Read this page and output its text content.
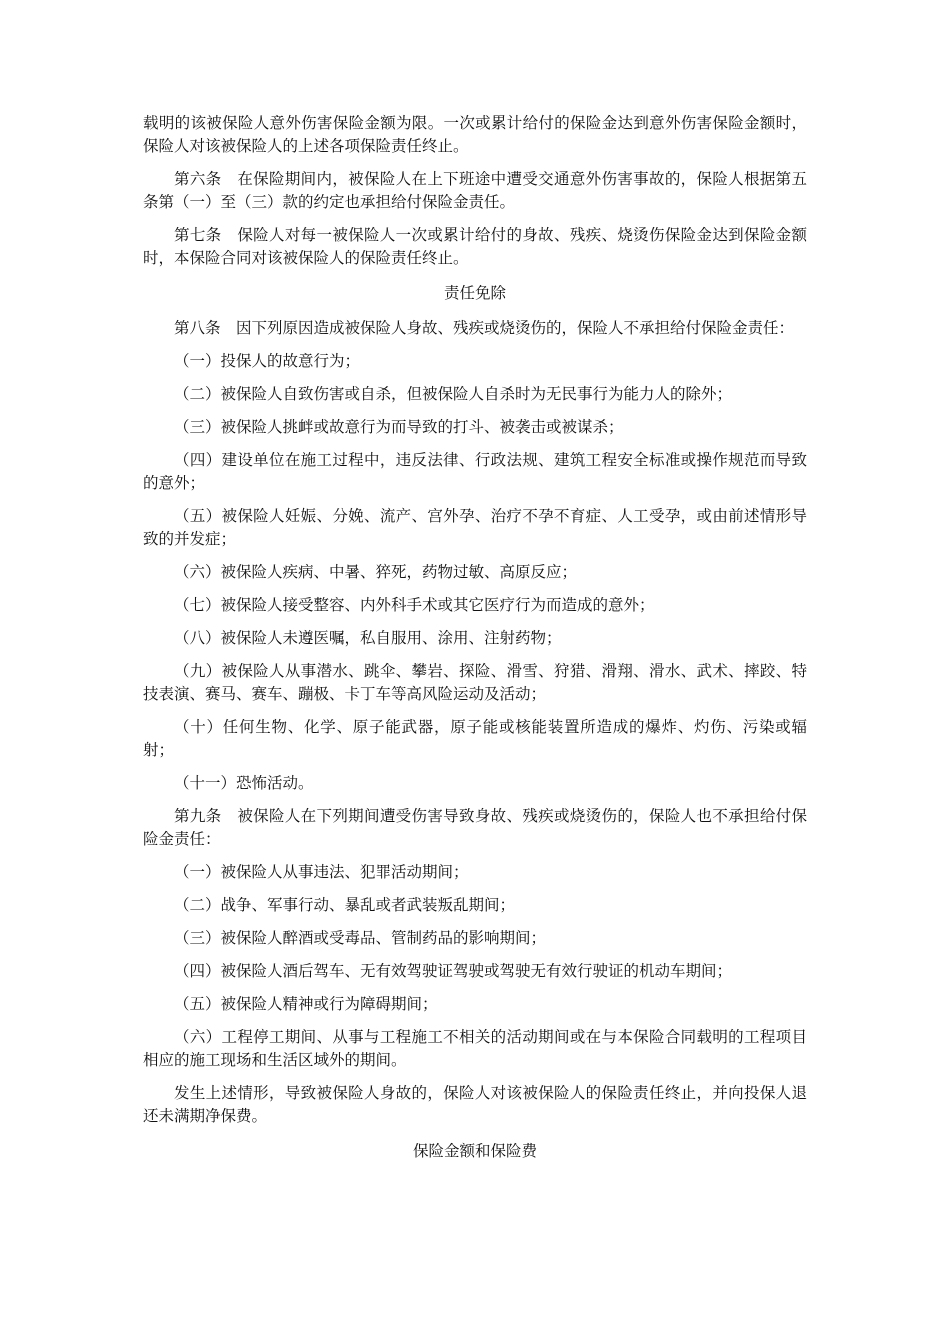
载明的该被保险人意外伤害保险金额为限。一次或累计给付的保险金达到意外伤害保险金额时，保险人对该被保险人的上述各项保险责任终止。

第六条　在保险期间内，被保险人在上下班途中遭受交通意外伤害事故的，保险人根据第五条第（一）至（三）款的约定也承担给付保险金责任。

第七条　保险人对每一被保险人一次或累计给付的身故、残疾、烧烫伤保险金达到保险金额时，本保险合同对该被保险人的保险责任终止。

责任免除

第八条　因下列原因造成被保险人身故、残疾或烧烫伤的，保险人不承担给付保险金责任：

（一）投保人的故意行为；

（二）被保险人自致伤害或自杀，但被保险人自杀时为无民事行为能力人的除外；

（三）被保险人挑衅或故意行为而导致的打斗、被袭击或被谋杀；

（四）建设单位在施工过程中，违反法律、行政法规、建筑工程安全标准或操作规范而导致的意外；

（五）被保险人妊娠、分娩、流产、宫外孕、治疗不孕不育症、人工受孕，或由前述情形导致的并发症；

（六）被保险人疾病、中暑、猝死，药物过敏、高原反应；

（七）被保险人接受整容、内外科手术或其它医疗行为而造成的意外；

（八）被保险人未遵医嘱，私自服用、涂用、注射药物；

（九）被保险人从事潜水、跳伞、攀岩、探险、滑雪、狩猎、滑翔、滑水、武术、摔跤、特技表演、赛马、赛车、蹦极、卡丁车等高风险运动及活动；

（十）任何生物、化学、原子能武器，原子能或核能装置所造成的爆炸、灼伤、污染或辐射；

（十一）恐怖活动。

第九条　被保险人在下列期间遭受伤害导致身故、残疾或烧烫伤的，保险人也不承担给付保险金责任：

（一）被保险人从事违法、犯罪活动期间；

（二）战争、军事行动、暴乱或者武装叛乱期间；

（三）被保险人醉酒或受毒品、管制药品的影响期间；

（四）被保险人酒后驾车、无有效驾驶证驾驶或驾驶无有效行驶证的机动车期间；

（五）被保险人精神或行为障碍期间；

（六）工程停工期间、从事与工程施工不相关的活动期间或在与本保险合同载明的工程项目相应的施工现场和生活区域外的期间。

发生上述情形，导致被保险人身故的，保险人对该被保险人的保险责任终止，并向投保人退还未满期净保费。

保险金额和保险费
